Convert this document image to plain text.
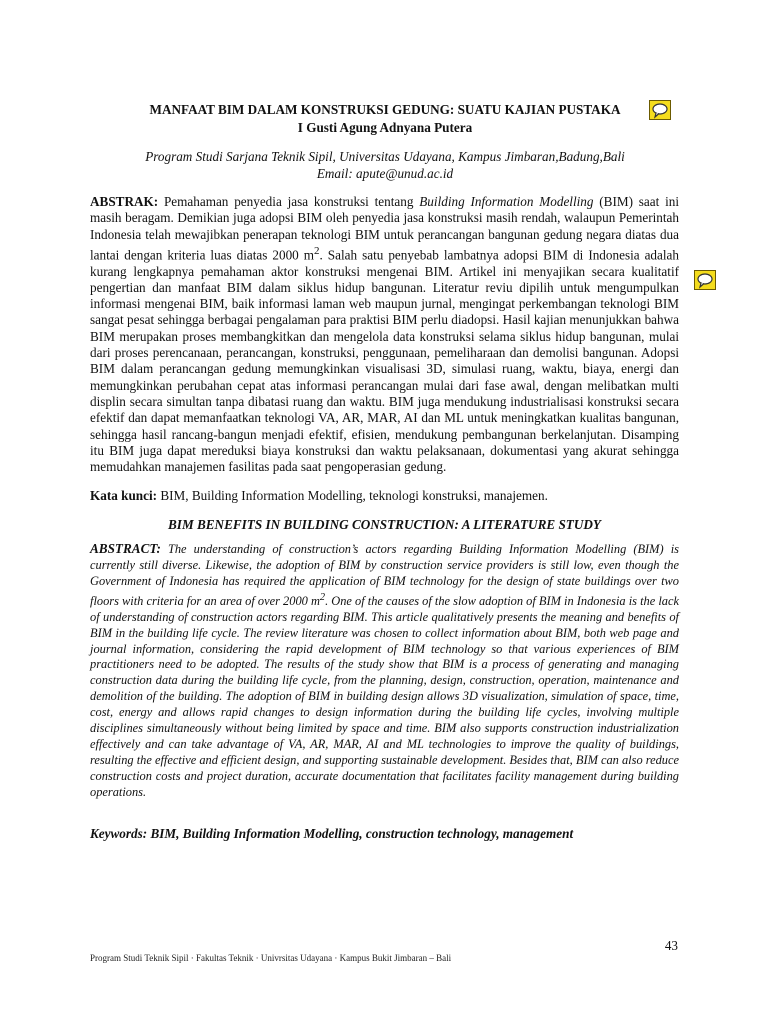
MANFAAT BIM DALAM KONSTRUKSI GEDUNG: SUATU KAJIAN PUSTAKA
I Gusti Agung Adnyana Putera
Program Studi Sarjana Teknik Sipil, Universitas Udayana, Kampus Jimbaran,Badung,Bali
Email: apute@unud.ac.id
ABSTRAK: Pemahaman penyedia jasa konstruksi tentang Building Information Modelling (BIM) saat ini masih beragam. Demikian juga adopsi BIM oleh penyedia jasa konstruksi masih rendah, walaupun Pemerintah Indonesia telah mewajibkan penerapan teknologi BIM untuk perancangan bangunan gedung negara diatas dua lantai dengan kriteria luas diatas 2000 $m^2$. Salah satu penyebab lambatnya adopsi BIM di Indonesia adalah kurang lengkapnya pemahaman aktor konstruksi mengenai BIM. Artikel ini menyajikan secara kualitatif pengertian dan manfaat BIM dalam siklus hidup bangunan. Literatur reviu dipilih untuk mengumpulkan informasi mengenai BIM, baik informasi laman web maupun jurnal, mengingat perkembangan teknologi BIM sangat pesat sehingga berbagai pengalaman para praktisi BIM perlu diadopsi. Hasil kajian menunjukkan bahwa BIM merupakan proses membangkitkan dan mengelola data konstruksi selama siklus hidup bangunan, mulai dari proses perencanaan, perancangan, konstruksi, penggunaan, pemeliharaan dan demolisi bangunan. Adopsi BIM dalam perancangan gedung memungkinkan visualisasi 3D, simulasi ruang, waktu, biaya, energi dan memungkinkan perubahan cepat atas informasi perancangan mulai dari fase awal, dengan melibatkan multi displin secara simultan tanpa dibatasi ruang dan waktu. BIM juga mendukung industrialisasi konstruksi secara efektif dan dapat memanfaatkan teknologi VA, AR, MAR, AI dan ML untuk meningkatkan kualitas bangunan, sehingga hasil rancang-bangun menjadi efektif, efisien, mendukung pembangunan berkelanjutan. Disamping itu BIM juga dapat mereduksi biaya konstruksi dan waktu pelaksanaan, dokumentasi yang akurat sehingga memudahkan manajemen fasilitas pada saat pengoperasian gedung.
Kata kunci: BIM, Building Information Modelling, teknologi konstruksi, manajemen.
BIM BENEFITS IN BUILDING CONSTRUCTION: A LITERATURE STUDY
ABSTRACT: The understanding of construction’s actors regarding Building Information Modelling (BIM) is currently still diverse. Likewise, the adoption of BIM by construction service providers is still low, even though the Government of Indonesia has required the application of BIM technology for the design of state buildings over two floors with criteria for an area of over 2000 $m^2$. One of the causes of the slow adoption of BIM in Indonesia is the lack of understanding of construction actors regarding BIM. This article qualitatively presents the meaning and benefits of BIM in the building life cycle. The review literature was chosen to collect information about BIM, both web page and journal information, considering the rapid development of BIM technology so that various experiences of BIM practitioners need to be adopted. The results of the study show that BIM is a process of generating and managing construction data during the building life cycle, from the planning, design, construction, operation, maintenance and demolition of the building. The adoption of BIM in building design allows 3D visualization, simulation of space, time, cost, energy and allows rapid changes to design information during the building life cycles, involving multiple disciplines simultaneously without being limited by space and time. BIM also supports construction industrialization effectively and can take advantage of VA, AR, MAR, AI and ML technologies to improve the quality of buildings, resulting the effective and efficient design, and supporting sustainable development. Besides that, BIM can also reduce construction costs and project duration, accurate documentation that facilitates facility management during building operations.
Keywords: BIM, Building Information Modelling, construction technology, management
43
Program Studi Teknik Sipil · Fakultas Teknik · Univrsitas Udayana · Kampus Bukit Jimbaran – Bali
